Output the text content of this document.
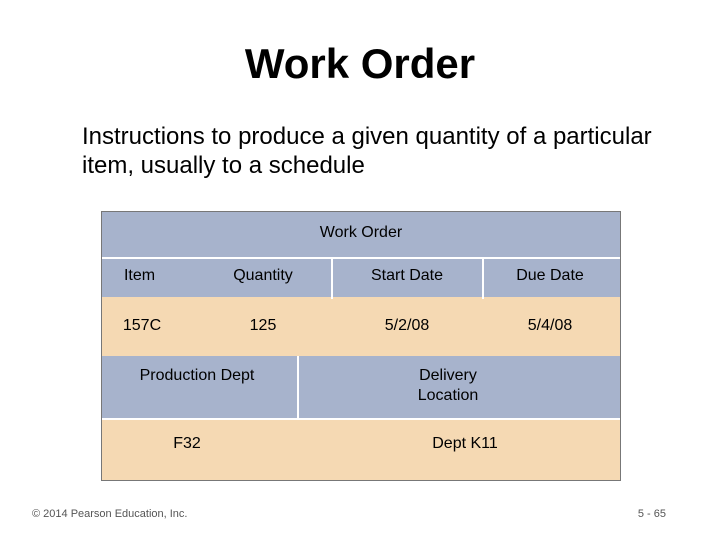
Work Order
Instructions to produce a given quantity of a particular item, usually to a schedule
Work Order
Item	Quantity	Start Date	Due Date
157C	125	5/2/08	5/4/08
Production Dept	Delivery Location
F32	Dept K11
© 2014 Pearson Education, Inc.	5 - 65
